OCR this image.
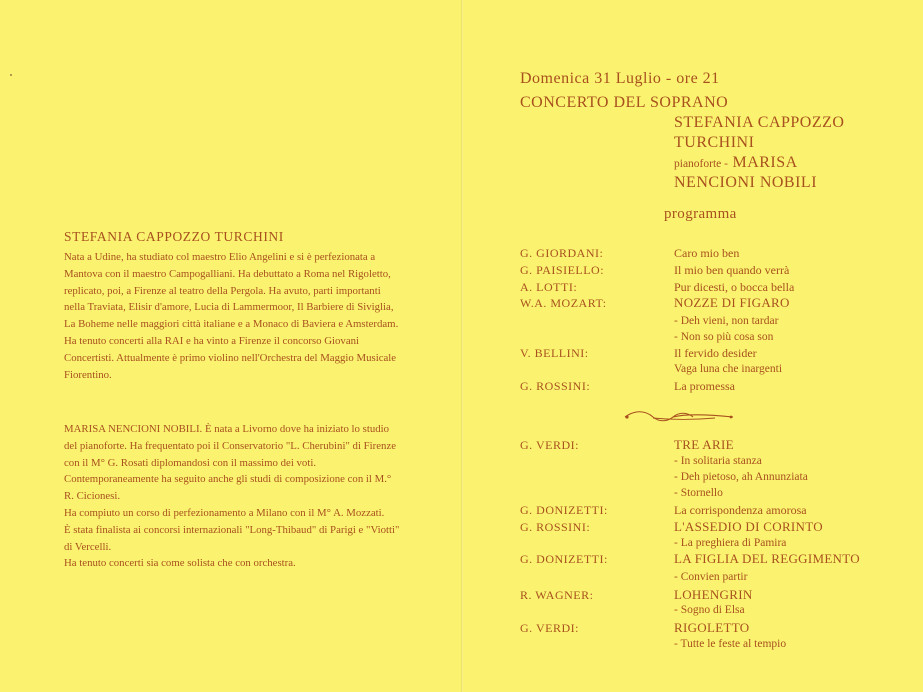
STEFANIA CAPPOZZO TURCHINI

Nata a Udine, ha studiato col maestro Elio Angelini e si è perfezionata a Mantova con il maestro Campogalliani. Ha debuttato a Roma nel Rigoletto, replicato, poi, a Firenze al teatro della Pergola. Ha avuto, parti importanti nella Traviata, Elisir d'amore, Lucia di Lammermoor, Il Barbiere di Siviglia, La Boheme nelle maggiori città italiane e a Monaco di Baviera e Amsterdam. Ha tenuto concerti alla RAI e ha vinto a Firenze il concorso Giovani Concertisti. Attualmente è primo violino nell'Orchestra del Maggio Musicale Fiorentino.

MARISA NENCIONI NOBILI. È nata a Livorno dove ha iniziato lo studio del pianoforte. Ha frequentato poi il Conservatorio "L. Cherubini" di Firenze con il M° G. Rosati diplomandosi con il massimo dei voti. Contemporaneamente ha seguito anche gli studi di composizione con il M.° R. Cicionesi.

Ha compiuto un corso di perfezionamento a Milano con il M° A. Mozzati.

È stata finalista ai concorsi internazionali "Long-Thibaud" di Parigi e "Viotti" di Vercelli.

Ha tenuto concerti sia come solista che con orchestra.

Domenica 31 Luglio - ore 21
CONCERTO DEL SOPRANO
STEFANIA CAPPOZZO
TURCHINI
pianoforte - MARISA
NENCIONI NOBILI
programma
G. GIORDANI:	Caro mio ben
G. PAISIELLO:	Il mio ben quando verrà
A. LOTTI:	Pur dicesti, o bocca bella
W.A. MOZART:	NOZZE DI FIGARO
- Deh vieni, non tardar
- Non so più cosa son
V. BELLINI:	Il fervido desider
Vaga luna che inargenti
G. ROSSINI:	La promessa
G. VERDI:	TRE ARIE
- In solitaria stanza
- Deh pietoso, ah Annunziata
- Stornello
G. DONIZETTI:	La corrispondenza amorosa
G. ROSSINI:	L'ASSEDIO DI CORINTO
- La preghiera di Pamira
G. DONIZETTI:	LA FIGLIA DEL REGGIMENTO
- Convien partir
R. WAGNER:	LOHENGRIN
- Sogno di Elsa
G. VERDI:	RIGOLETTO
- Tutte le feste al tempio
